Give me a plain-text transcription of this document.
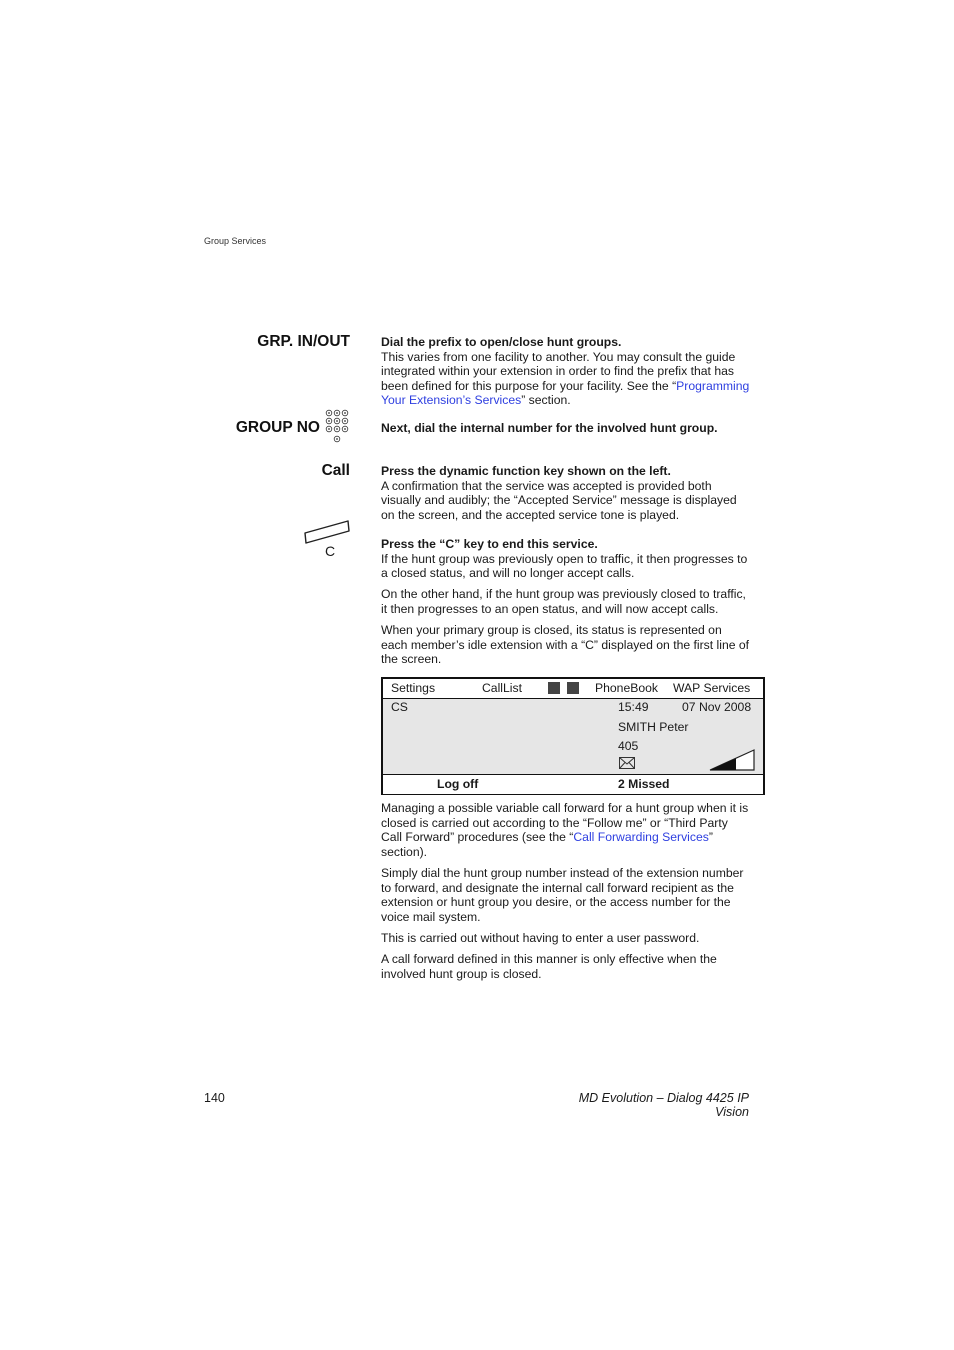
Group Services
GRP. IN/OUT	Dial the prefix to open/close hunt groups.
This varies from one facility to another. You may consult the guide integrated within your extension in order to find the prefix that has been defined for this purpose for your facility. See the “Programming Your Extension’s Services” section.
GROUP NO	Next, dial the internal number for the involved hunt group.
Call	Press the dynamic function key shown on the left.
A confirmation that the service was accepted is provided both visually and audibly; the “Accepted Service” message is displayed on the screen, and the accepted service tone is played.
C	Press the “C” key to end this service.
If the hunt group was previously open to traffic, it then progresses to a closed status, and will no longer accept calls.
On the other hand, if the hunt group was previously closed to traffic, it then progresses to an open status, and will now accept calls.
When your primary group is closed, its status is represented on each member’s idle extension with a “C” displayed on the first line of the screen.
Settings	CallList	PhoneBook WAP Services
CS	15:49	07 Nov 2008
SMITH Peter
405
Log off	2 Missed
Managing a possible variable call forward for a hunt group when it is closed is carried out according to the “Follow me” or “Third Party Call Forward” procedures (see the “Call Forwarding Services” section).
Simply dial the hunt group number instead of the extension number to forward, and designate the internal call forward recipient as the extension or hunt group you desire, or the access number for the voice mail system.
This is carried out without having to enter a user password.
A call forward defined in this manner is only effective when the involved hunt group is closed.
140	MD Evolution – Dialog 4425 IP Vision
